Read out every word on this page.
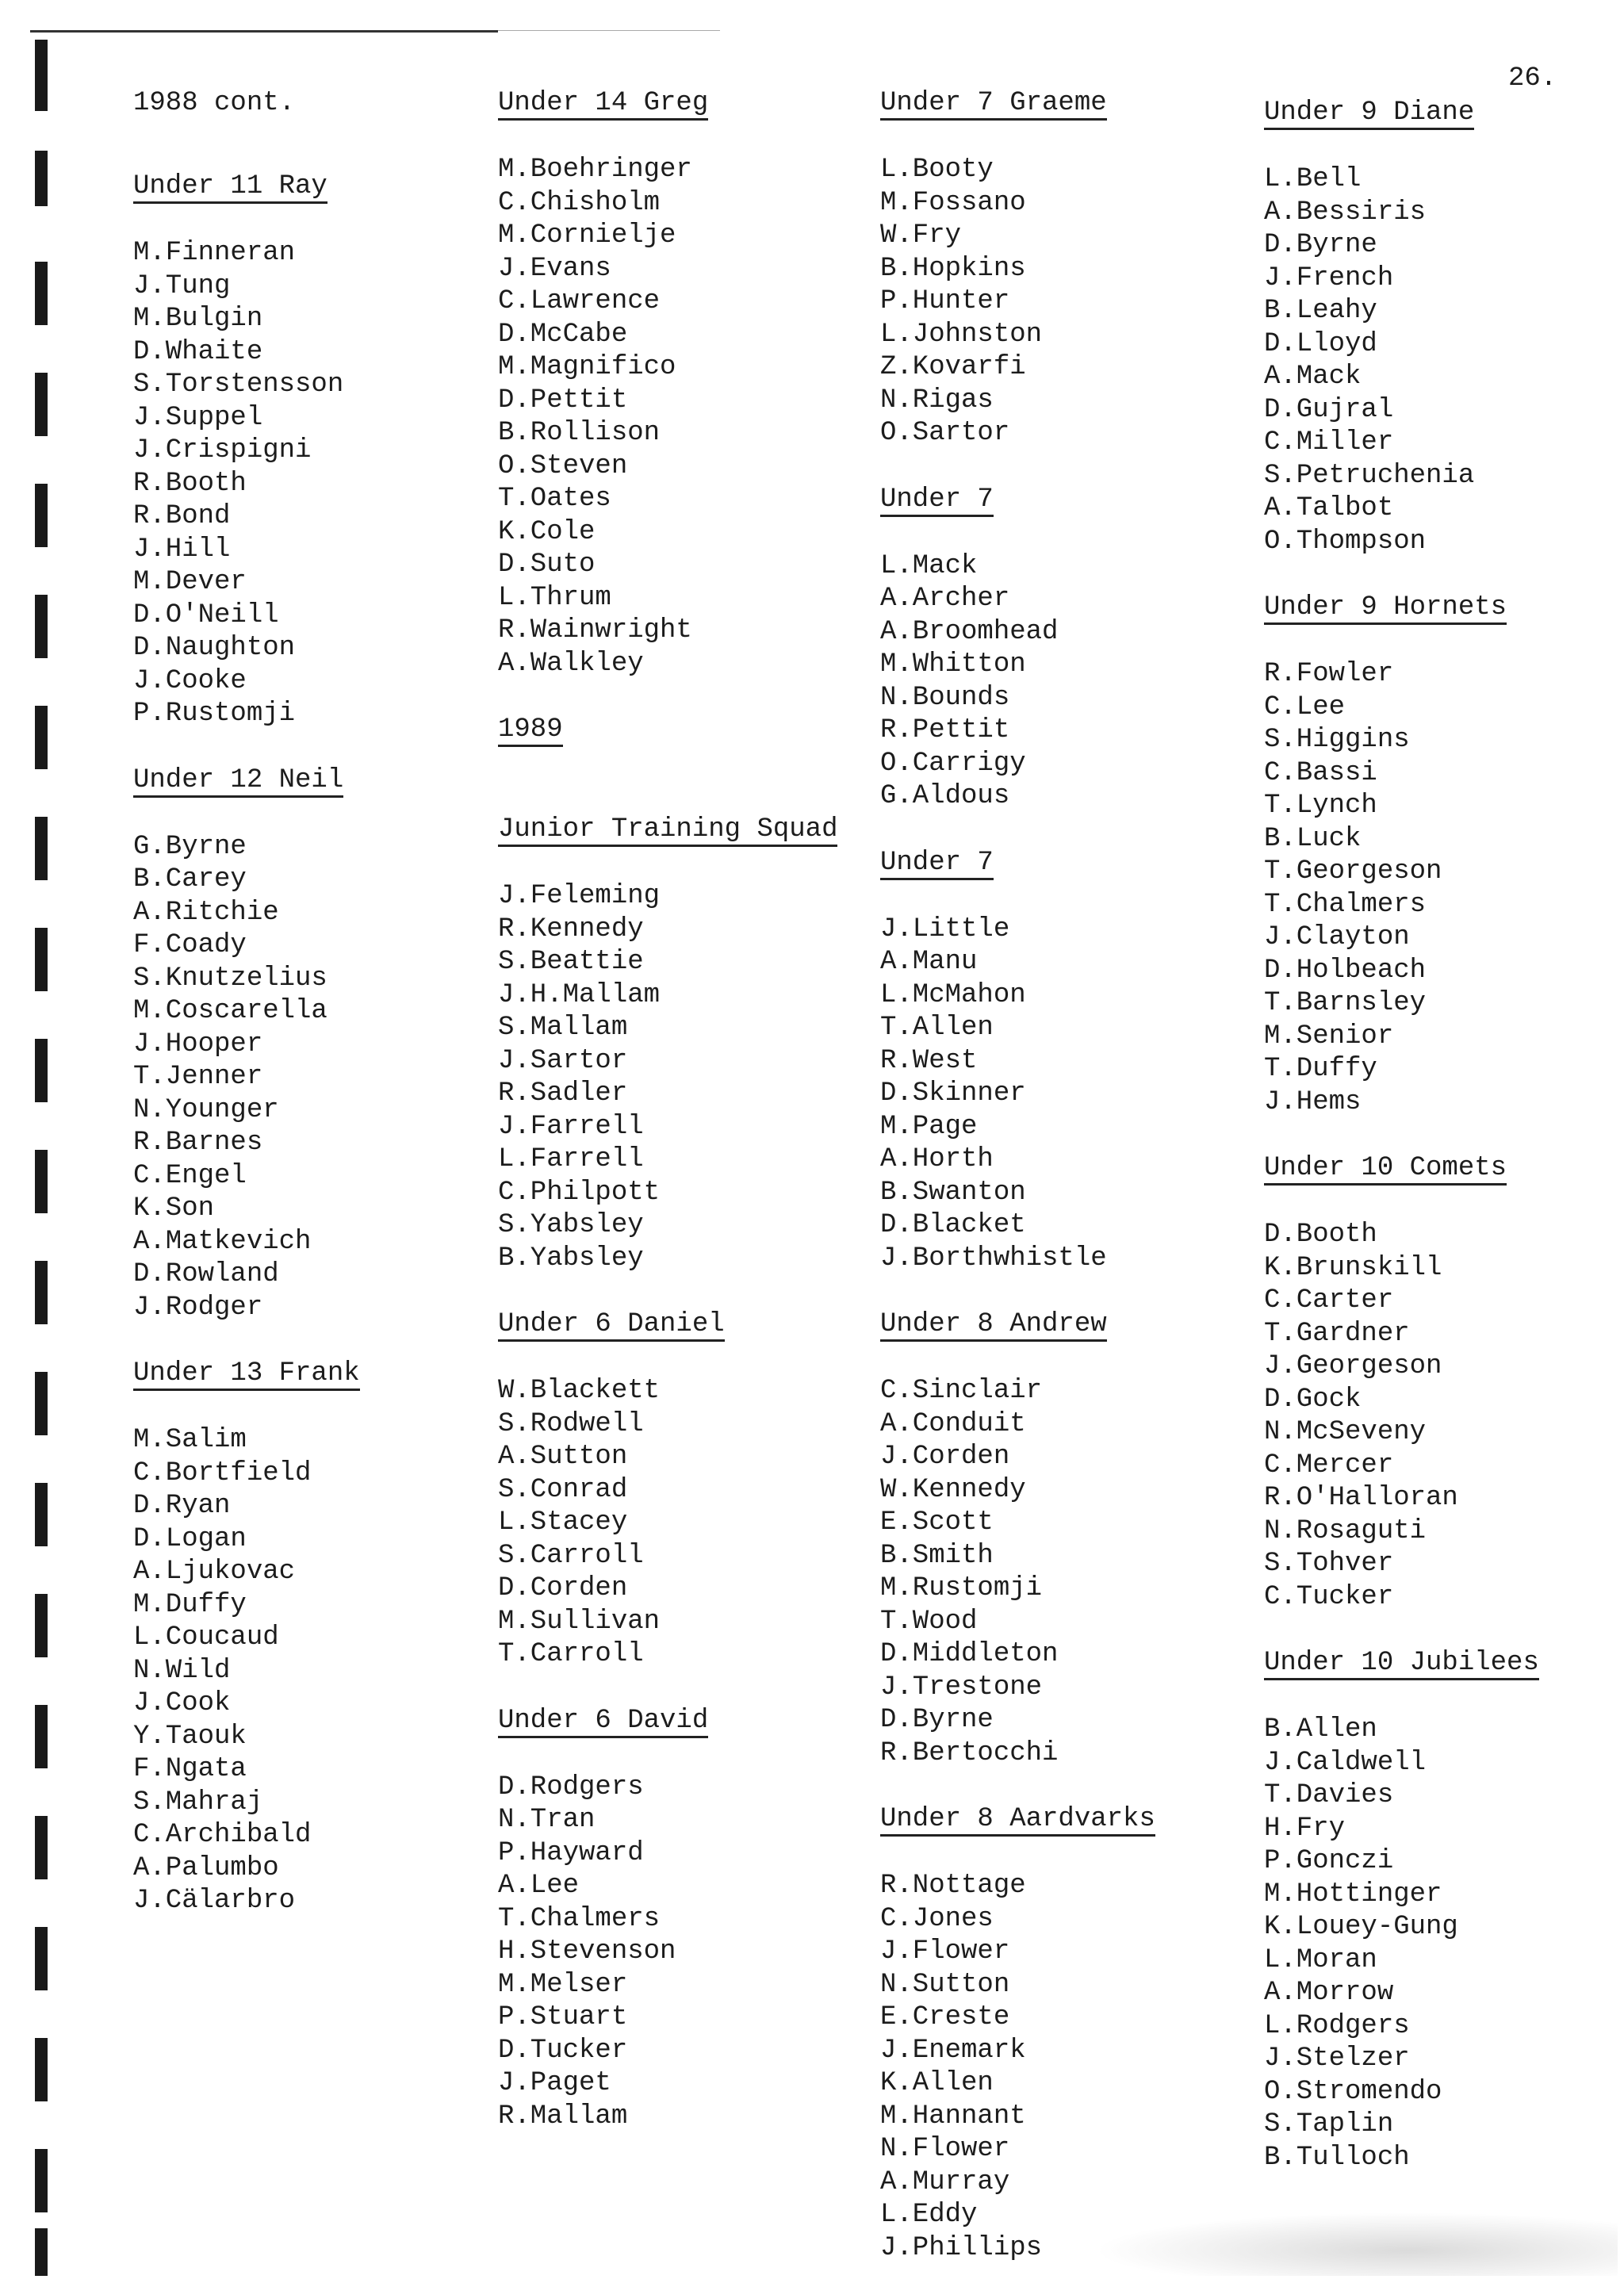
26.
1988 cont.
Under 11 Ray
M.Finneran
J.Tung
M.Bulgin
D.Whaite
S.Torstensson
J.Suppel
J.Crispigni
R.Booth
R.Bond
J.Hill
M.Dever
D.O'Neill
D.Naughton
J.Cooke
P.Rustomji
Under 12 Neil
G.Byrne
B.Carey
A.Ritchie
F.Coady
S.Knutzelius
M.Coscarella
J.Hooper
T.Jenner
N.Younger
R.Barnes
C.Engel
K.Son
A.Matkevich
D.Rowland
J.Rodger
Under 13 Frank
M.Salim
C.Bortfield
D.Ryan
D.Logan
A.Ljukovac
M.Duffy
L.Coucaud
N.Wild
J.Cook
Y.Taouk
F.Ngata
S.Mahraj
C.Archibald
A.Palumbo
J.Cälarbro
Under 14 Greg
M.Boehringer
C.Chisholm
M.Cornielje
J.Evans
C.Lawrence
D.McCabe
M.Magnifico
D.Pettit
B.Rollison
O.Steven
T.Oates
K.Cole
D.Suto
L.Thrum
R.Wainwright
A.Walkley
1989
Junior Training Squad
J.Feleming
R.Kennedy
S.Beattie
J.H.Mallam
S.Mallam
J.Sartor
R.Sadler
J.Farrell
L.Farrell
C.Philpott
S.Yabsley
B.Yabsley
Under 6 Daniel
W.Blackett
S.Rodwell
A.Sutton
S.Conrad
L.Stacey
S.Carroll
D.Corden
M.Sullivan
T.Carroll
Under 6 David
D.Rodgers
N.Tran
P.Hayward
A.Lee
T.Chalmers
H.Stevenson
M.Melser
P.Stuart
D.Tucker
J.Paget
R.Mallam
Under 7 Graeme
L.Booty
M.Fossano
W.Fry
B.Hopkins
P.Hunter
L.Johnston
Z.Kovarfi
N.Rigas
O.Sartor
Under 7
L.Mack
A.Archer
A.Broomhead
M.Whitton
N.Bounds
R.Pettit
O.Carrigy
G.Aldous
Under 7
J.Little
A.Manu
L.McMahon
T.Allen
R.West
D.Skinner
M.Page
A.Horth
B.Swanton
D.Blacket
J.Borthwhistle
Under 8 Andrew
C.Sinclair
A.Conduit
J.Corden
W.Kennedy
E.Scott
B.Smith
M.Rustomji
T.Wood
D.Middleton
J.Trestone
D.Byrne
R.Bertocchi
Under 8 Aardvarks
R.Nottage
C.Jones
J.Flower
N.Sutton
E.Creste
J.Enemark
K.Allen
M.Hannant
N.Flower
A.Murray
L.Eddy
J.Phillips
Under 9 Diane
L.Bell
A.Bessiris
D.Byrne
J.French
B.Leahy
D.Lloyd
A.Mack
D.Gujral
C.Miller
S.Petruchenia
A.Talbot
O.Thompson
Under 9 Hornets
R.Fowler
C.Lee
S.Higgins
C.Bassi
T.Lynch
B.Luck
T.Georgeson
T.Chalmers
J.Clayton
D.Holbeach
T.Barnsley
M.Senior
T.Duffy
J.Hems
Under 10 Comets
D.Booth
K.Brunskill
C.Carter
T.Gardner
J.Georgeson
D.Gock
N.McSeveny
C.Mercer
R.O'Halloran
N.Rosaguti
S.Tohver
C.Tucker
Under 10 Jubilees
B.Allen
J.Caldwell
T.Davies
H.Fry
P.Gonczi
M.Hottinger
K.Louey-Gung
L.Moran
A.Morrow
L.Rodgers
J.Stelzer
O.Stromendo
S.Taplin
B.Tulloch
